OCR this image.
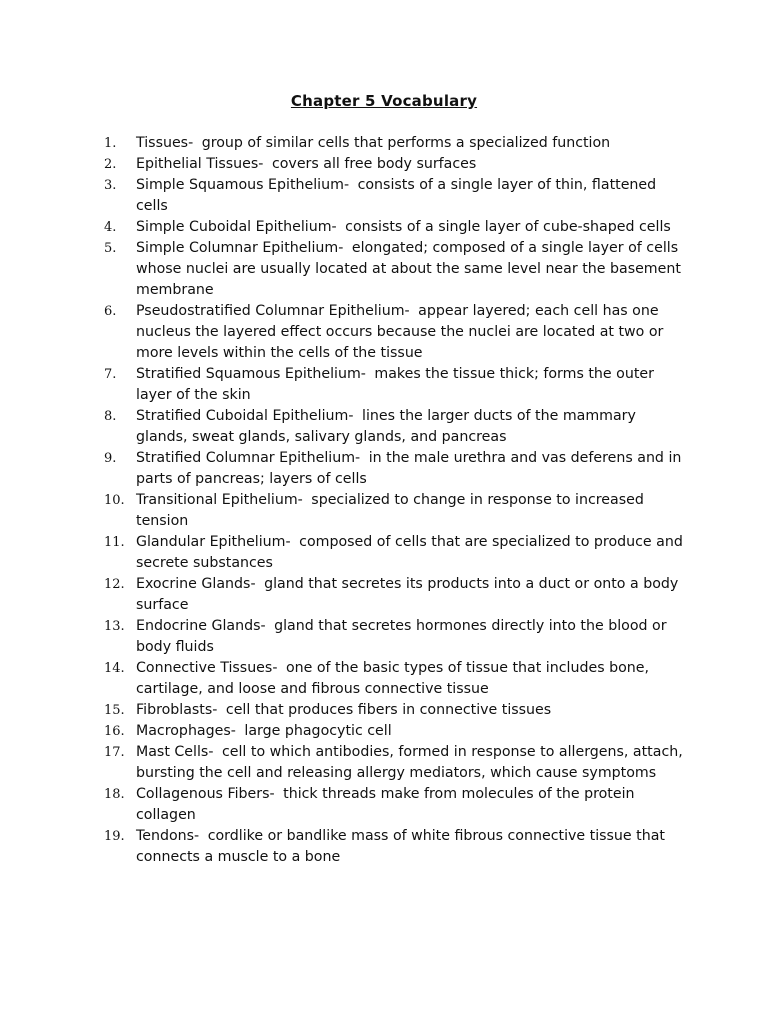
Chapter 5 Vocabulary
1.	Tissues - group of similar cells that performs a specialized function
2.	Epithelial Tissues - covers all free body surfaces
3.	Simple Squamous Epithelium - consists of a single layer of thin, flattened cells
4.	Simple Cuboidal Epithelium - consists of a single layer of cube-shaped cells
5.	Simple Columnar Epithelium - elongated; composed of a single layer of cells whose nuclei are usually located at about the same level near the basement membrane
6.	Pseudostratified Columnar Epithelium - appear layered; each cell has one nucleus the layered effect occurs because the nuclei are located at two or more levels within the cells of the tissue
7.	Stratified Squamous Epithelium - makes the tissue thick; forms the outer layer of the skin
8.	Stratified Cuboidal Epithelium - lines the larger ducts of the mammary glands, sweat glands, salivary glands, and pancreas
9.	Stratified Columnar Epithelium - in the male urethra and vas deferens and in parts of pancreas; layers of cells
10. Transitional Epithelium - specialized to change in response to increased tension
11. Glandular Epithelium - composed of cells that are specialized to produce and secrete substances
12. Exocrine Glands - gland that secretes its products into a duct or onto a body surface
13. Endocrine Glands - gland that secretes hormones directly into the blood or body fluids
14. Connective Tissues - one of the basic types of tissue that includes bone, cartilage, and loose and fibrous connective tissue
15. Fibroblasts - cell that produces fibers in connective tissues
16. Macrophages - large phagocytic cell
17. Mast Cells - cell to which antibodies, formed in response to allergens, attach, bursting the cell and releasing allergy mediators, which cause symptoms
18. Collagenous Fibers - thick threads make from molecules of the protein collagen
19. Tendons - cordlike or bandlike mass of white fibrous connective tissue that connects a muscle to a bone
